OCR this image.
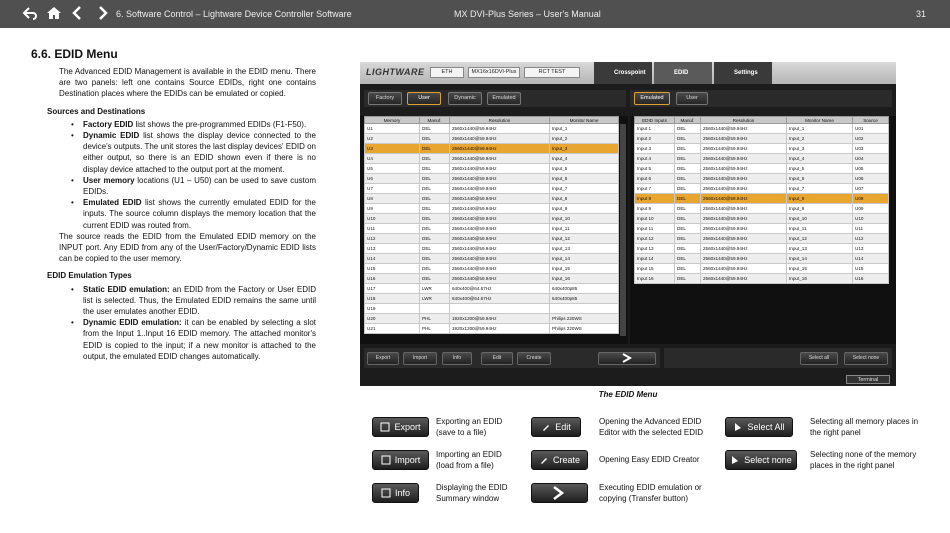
6. Software Control – Lightware Device Controller Software	MX DVI-Plus Series – User's Manual	31
6.6. EDID Menu

The Advanced EDID Management is available in the EDID menu. There are two panels: left one contains Source EDIDs, right one contains Destination places where the EDIDs can be emulated or copied.

Sources and Destinations
• Factory EDID list shows the pre-programmed EDIDs (F1-F50).
• Dynamic EDID list shows the display device connected to the device's outputs. The unit stores the last display devices' EDID on either output, so there is an EDID shown even if there is no display device attached to the output port at the moment.
• User memory locations (U1 – U50) can be used to save custom EDIDs.
• Emulated EDID list shows the currently emulated EDID for the inputs. The source column displays the memory location that the current EDID was routed from.

The source reads the EDID from the Emulated EDID memory on the INPUT port. Any EDID from any of the User/Factory/Dynamic EDID lists can be copied to the user memory.

EDID Emulation Types
• Static EDID emulation: an EDID from the Factory or User EDID list is selected. Thus, the Emulated EDID remains the same until the user emulates another EDID.
• Dynamic EDID emulation: it can be enabled by selecting a slot from the Input 1..Input 16 EDID memory. The attached monitor's EDID is copied to the input; if a new monitor is attached to the output, the emulated EDID changes automatically.
LIGHTWARE	ETH	MX16x16DVI-Plus	RCT TEST	Crosspoint	EDID	Settings
Factory	User	Dynamic	Emulated	Emulated	User
Memory	Manuf.	Resolution	Monitor Name
U1	DEL	2560x1440@59.94Hz	Input_1
U2	DEL	2560x1440@59.94Hz	Input_2
U3	DEL	2560x1440@59.94Hz	Input_3
U4	DEL	2560x1440@59.94Hz	Input_4
U5	DEL	2560x1440@59.94Hz	Input_5
U6	DEL	2560x1440@59.94Hz	Input_6
U7	DEL	2560x1440@59.94Hz	Input_7
U8	DEL	2560x1440@59.94Hz	Input_8
U9	DEL	2560x1440@59.94Hz	Input_9
U10	DEL	2560x1440@59.94Hz	Input_10
U11	DEL	2560x1440@59.94Hz	Input_11
U12	DEL	2560x1440@59.94Hz	Input_12
U13	DEL	2560x1440@59.94Hz	Input_13
U14	DEL	2560x1440@59.94Hz	Input_14
U15	DEL	2560x1440@59.94Hz	Input_15
U16	DEL	2560x1440@59.94Hz	Input_16
U17	LWR	640x400@64.67Hz	640x400p85
U18	LWR	640x400@64.67Hz	640x400p85
U19			
U20	PHL	1920x1200@59.94Hz	Philips 220WS
U21	PHL	1920x1200@59.94Hz	Philips 220WS
EDID Inputs	Manuf.	Resolution	Monitor Name	Source
Input 1	DEL	2560x1440@59.94Hz	Input_1	U01
Input 2	DEL	2560x1440@59.94Hz	Input_2	U02
Input 3	DEL	2560x1440@59.94Hz	Input_3	U03
Input 4	DEL	2560x1440@59.94Hz	Input_4	U04
Input 5	DEL	2560x1440@59.94Hz	Input_5	U05
Input 6	DEL	2560x1440@59.94Hz	Input_6	U06
Input 7	DEL	2560x1440@59.94Hz	Input_7	U07
Input 8	DEL	2560x1440@59.94Hz	Input_8	U08
Input 9	DEL	2560x1440@59.94Hz	Input_9	U09
Input 10	DEL	2560x1440@59.94Hz	Input_10	U10
Input 11	DEL	2560x1440@59.94Hz	Input_11	U11
Input 12	DEL	2560x1440@59.94Hz	Input_12	U12
Input 13	DEL	2560x1440@59.94Hz	Input_13	U13
Input 14	DEL	2560x1440@59.94Hz	Input_14	U14
Input 15	DEL	2560x1440@59.94Hz	Input_15	U15
Input 16	DEL	2560x1440@59.94Hz	Input_16	U16
Export	Import	Info	Edit	Create	Select all	Select none
Terminal
The EDID Menu
Export
Exporting an EDID (save to a file)
Import
Importing an EDID (load from a file)
Info
Displaying the EDID Summary window
Edit
Opening the Advanced EDID Editor with the selected EDID
Create Opening Easy EDID Creator
Executing EDID emulation or copying (Transfer button)
Select All
Selecting all memory places in the right panel
Select none
Selecting none of the memory places in the right panel
